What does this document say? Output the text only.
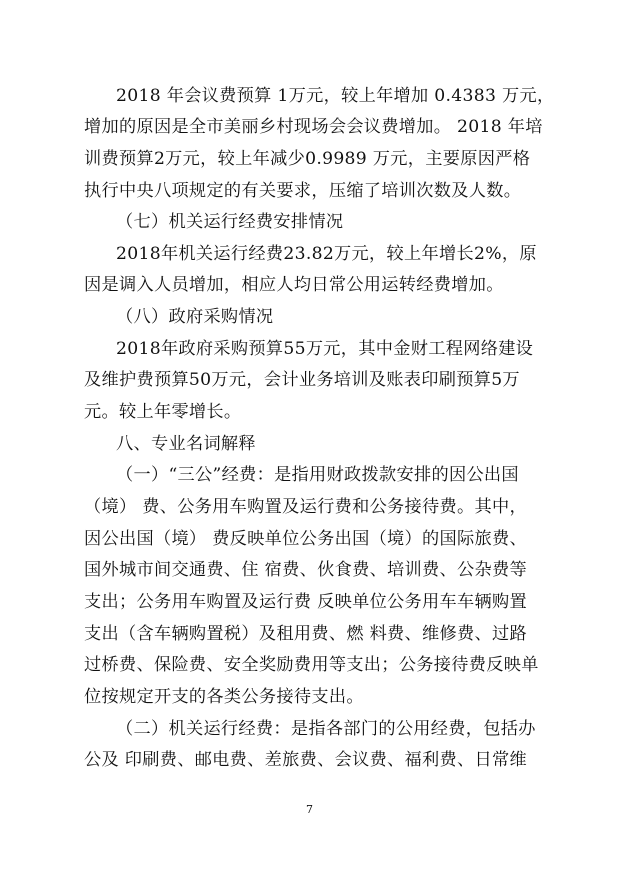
2018 年会议费预算 1万元，较上年增加 0.4383 万元，
增加的原因是全市美丽乡村现场会会议费增加。 2018 年培
训费预算2万元，较上年减少0.9989 万元，主要原因严格
执行中央八项规定的有关要求，压缩了培训次数及人数。
（七）机关运行经费安排情况
2018年机关运行经费23.82万元，较上年增长2%，原
因是调入人员增加，相应人均日常公用运转经费增加。
（八）政府采购情况
2018年政府采购预算55万元，其中金财工程网络建设
及维护费预算50万元，会计业务培训及账表印刷预算5万
元。较上年零增长。
八、专业名词解释
（一）“三公”经费：是指用财政拨款安排的因公出国
（境） 费、公务用车购置及运行费和公务接待费。其中，
因公出国（境） 费反映单位公务出国（境）的国际旅费、
国外城市间交通费、住 宿费、伙食费、培训费、公杂费等
支出；公务用车购置及运行费 反映单位公务用车车辆购置
支出（含车辆购置税）及租用费、燃 料费、维修费、过路
过桥费、保险费、安全奖励费用等支出；公务接待费反映单
位按规定开支的各类公务接待支出。
（二）机关运行经费：是指各部门的公用经费，包括办
公及 印刷费、邮电费、差旅费、会议费、福利费、日常维
7
